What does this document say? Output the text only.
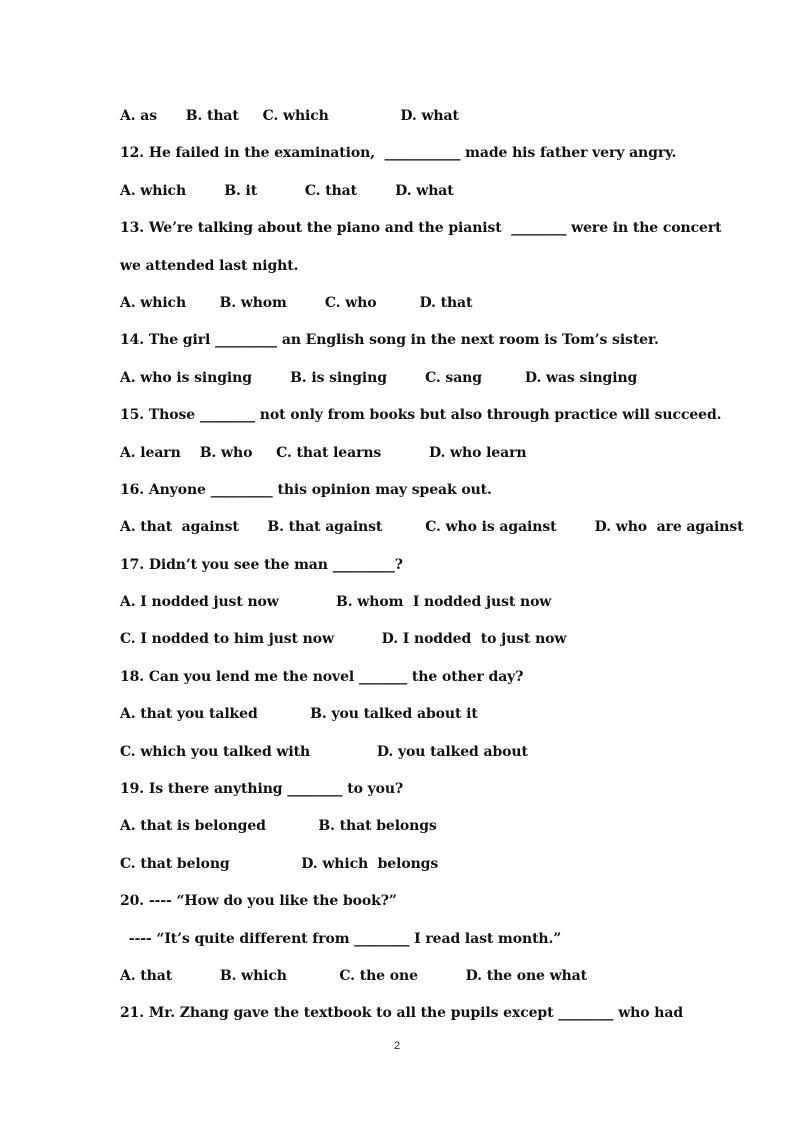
A. as      B. that     C. which               D. what
12. He failed in the examination,  ___________ made his father very angry.
A. which        B. it          C. that        D. what
13. We’re talking about the piano and the pianist  ________ were in the concert
we attended last night.
A. which       B. whom        C. who         D. that
14. The girl _________ an English song in the next room is Tom’s sister.
A. who is singing        B. is singing        C. sang         D. was singing
15. Those ________ not only from books but also through practice will succeed.
A. learn    B. who     C. that learns          D. who learn
16. Anyone _________ this opinion may speak out.
A. that  against      B. that against         C. who is against        D. who  are against
17. Didn’t you see the man _________?
A. I nodded just now            B. whom  I nodded just now
C. I nodded to him just now          D. I nodded  to just now
18. Can you lend me the novel _______ the other day?
A. that you talked           B. you talked about it
C. which you talked with              D. you talked about
19. Is there anything ________ to you?
A. that is belonged           B. that belongs
C. that belong               D. which  belongs
20. ---- “How do you like the book?”
---- “It’s quite different from ________ I read last month.”
A. that          B. which           C. the one          D. the one what
21. Mr. Zhang gave the textbook to all the pupils except ________ who had
2
